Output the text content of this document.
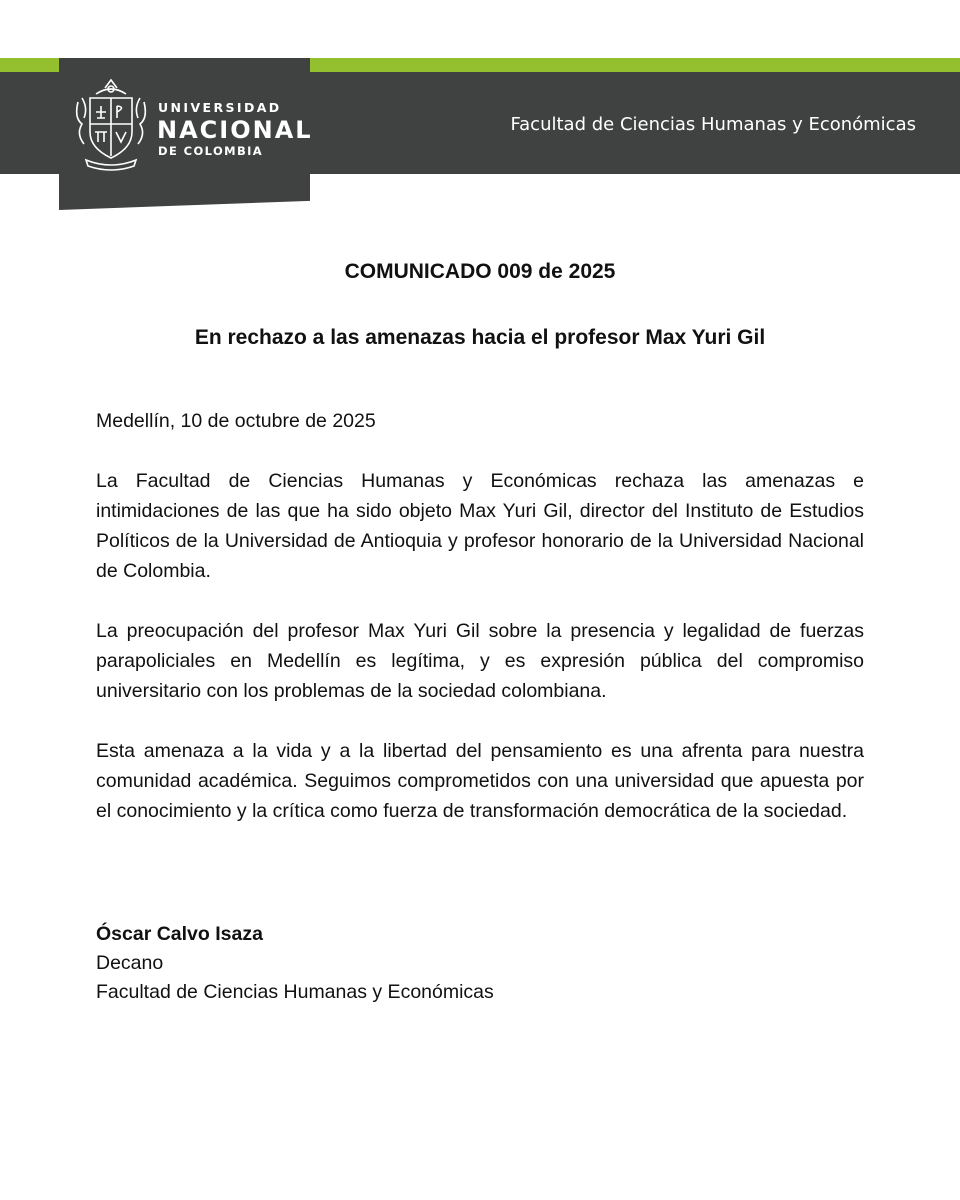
UNIVERSIDAD
NACIONAL
DE COLOMBIA
Facultad de Ciencias Humanas y Económicas
COMUNICADO 009 de 2025
En rechazo a las amenazas hacia el profesor Max Yuri Gil

Medellín, 10 de octubre de 2025

La Facultad de Ciencias Humanas y Económicas rechaza las amenazas e intimidaciones de las que ha sido objeto Max Yuri Gil, director del Instituto de Estudios Políticos de la Universidad de Antioquia y profesor honorario de la Universidad Nacional de Colombia.

La preocupación del profesor Max Yuri Gil sobre la presencia y legalidad de fuerzas parapoliciales en Medellín es legítima, y es expresión pública del compromiso universitario con los problemas de la sociedad colombiana.

Esta amenaza a la vida y a la libertad del pensamiento es una afrenta para nuestra comunidad académica. Seguimos comprometidos con una universidad que apuesta por el conocimiento y la crítica como fuerza de transformación democrática de la sociedad.

Óscar Calvo Isaza
Decano
Facultad de Ciencias Humanas y Económicas
